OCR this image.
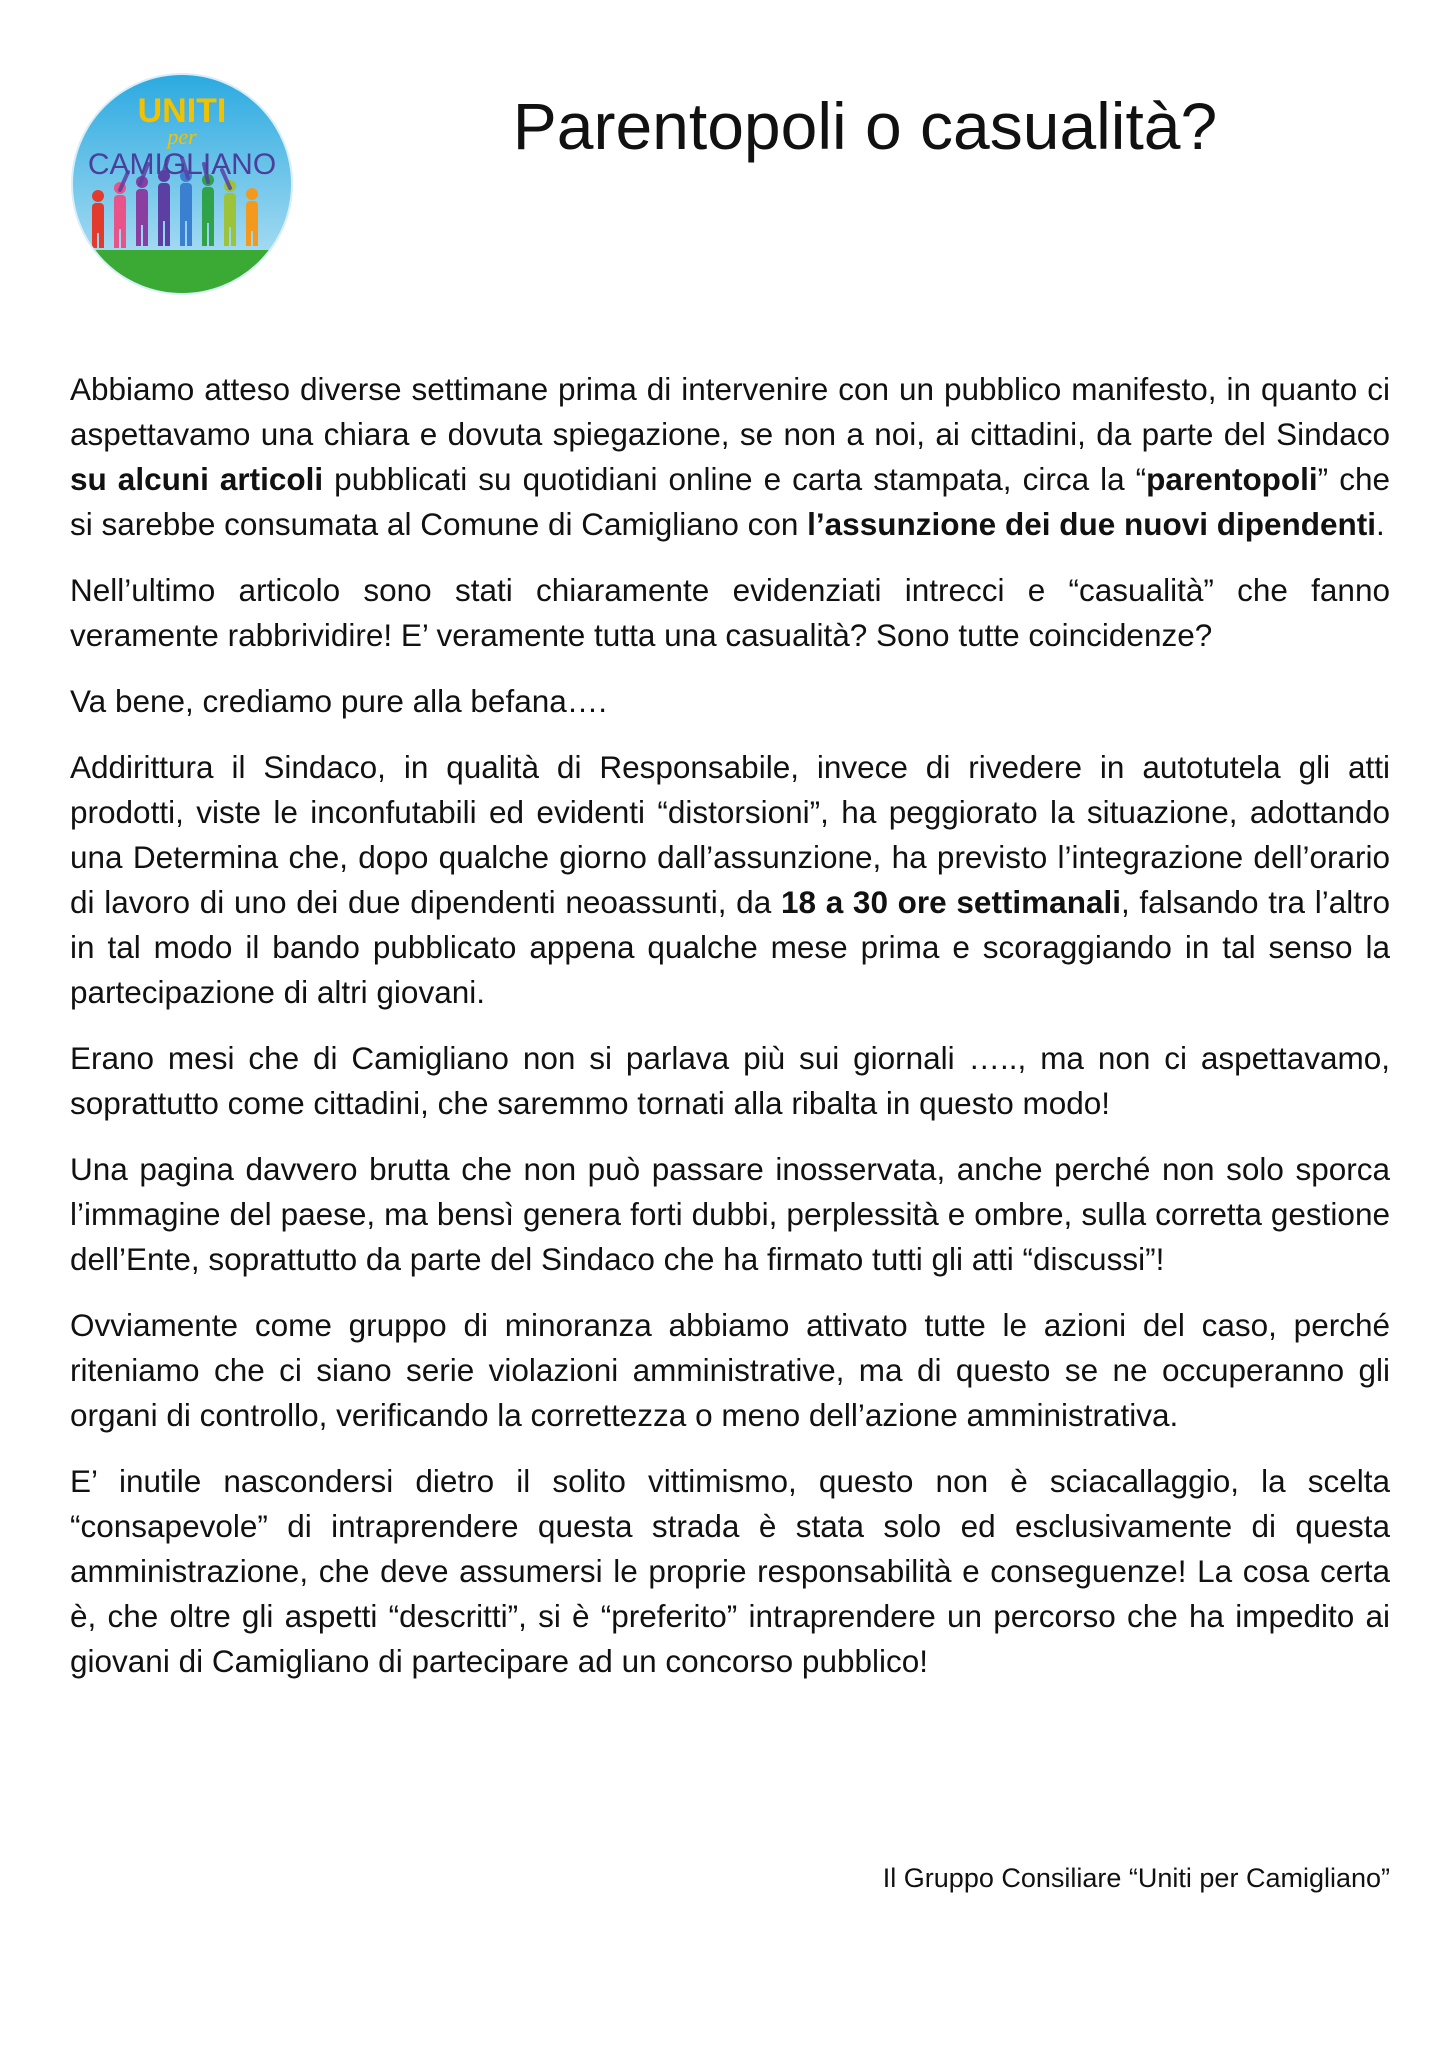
UNITI
per
CAMIGLIANO
Parentopoli o casualità?

Abbiamo atteso diverse settimane prima di intervenire con un pubblico manifesto, in quanto ci aspettavamo una chiara e dovuta spiegazione, se non a noi, ai cittadini, da parte del Sindaco su alcuni articoli pubblicati su quotidiani online e carta stampata, circa la “parentopoli” che si sarebbe consumata al Comune di Camigliano con l’assunzione dei due nuovi dipendenti.

Nell’ultimo articolo sono stati chiaramente evidenziati intrecci e “casualità” che fanno veramente rabbrividire! E’ veramente tutta una casualità? Sono tutte coincidenze?

Va bene, crediamo pure alla befana….

Addirittura il Sindaco, in qualità di Responsabile, invece di rivedere in autotutela gli atti prodotti, viste le inconfutabili ed evidenti “distorsioni”, ha peggiorato la situazione, adottando una Determina che, dopo qualche giorno dall’assunzione, ha previsto l’integrazione dell’orario di lavoro di uno dei due dipendenti neoassunti, da 18 a 30 ore settimanali, falsando tra l’altro in tal modo il bando pubblicato appena qualche mese prima e scoraggiando in tal senso la partecipazione di altri giovani.

Erano mesi che di Camigliano non si parlava più sui giornali ….., ma non ci aspettavamo, soprattutto come cittadini, che saremmo tornati alla ribalta in questo modo!

Una pagina davvero brutta che non può passare inosservata, anche perché non solo sporca l’immagine del paese, ma bensì genera forti dubbi, perplessità e ombre, sulla corretta gestione dell’Ente, soprattutto da parte del Sindaco che ha firmato tutti gli atti “discussi”!

Ovviamente come gruppo di minoranza abbiamo attivato tutte le azioni del caso, perché riteniamo che ci siano serie violazioni amministrative, ma di questo se ne occuperanno gli organi di controllo, verificando la correttezza o meno dell’azione amministrativa.

E’ inutile nascondersi dietro il solito vittimismo, questo non è sciacallaggio, la scelta “consapevole” di intraprendere questa strada è stata solo ed esclusivamente di questa amministrazione, che deve assumersi le proprie responsabilità e conseguenze! La cosa certa è, che oltre gli aspetti “descritti”, si è “preferito” intraprendere un percorso che ha impedito ai giovani di Camigliano di partecipare ad un concorso pubblico!

Il Gruppo Consiliare “Uniti per Camigliano”
